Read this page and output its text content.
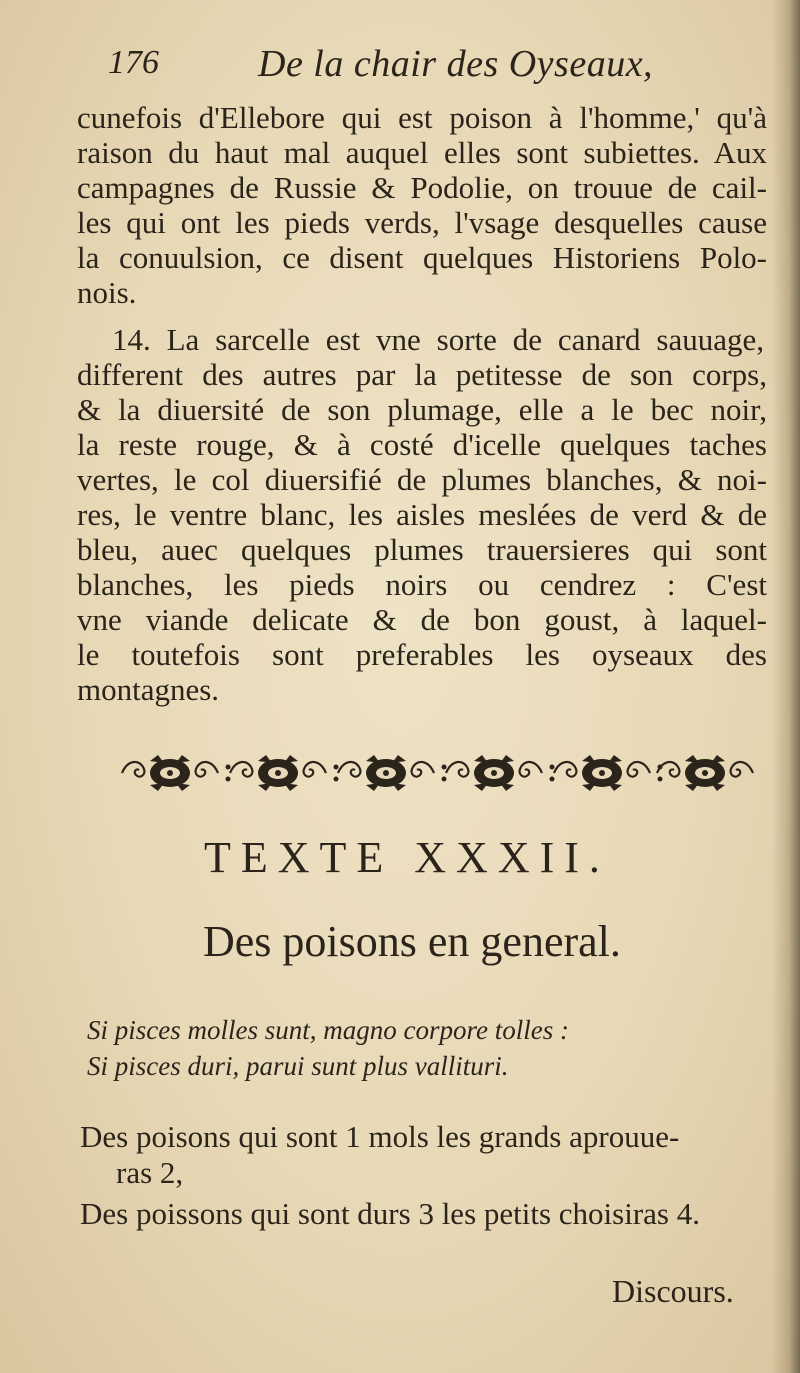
176	De la chair des Oyseaux,
cunefois d'Ellebore qui est poison à l'homme,' qu'à
raison du haut mal auquel elles sont subiettes. Aux
campagnes de Russie & Podolie, on trouue de cail-
les qui ont les pieds verds, l'vsage desquelles cause
la conuulsion, ce disent quelques Historiens Polo-
nois.
14. La sarcelle est vne sorte de canard sauuage,
different des autres par la petitesse de son corps,
& la diuersité de son plumage, elle a le bec noir,
la reste rouge, & à costé d'icelle quelques taches
vertes, le col diuersifié de plumes blanches, & noi-
res, le ventre blanc, les aisles meslées de verd & de
bleu, auec quelques plumes trauersieres qui sont
blanches, les pieds noirs ou cendrez : C'est
vne viande delicate & de bon goust, à laquel-
le toutefois sont preferables les oyseaux des
montagnes.
TEXTE XXXII.
Des poisons en general.
Si pisces molles sunt, magno corpore tolles :
Si pisces duri, parui sunt plus vallituri.
Des poisons qui sont 1 mols les grands aprouue-
ras 2,
Des poissons qui sont durs 3 les petits choisiras 4.
Discours.
